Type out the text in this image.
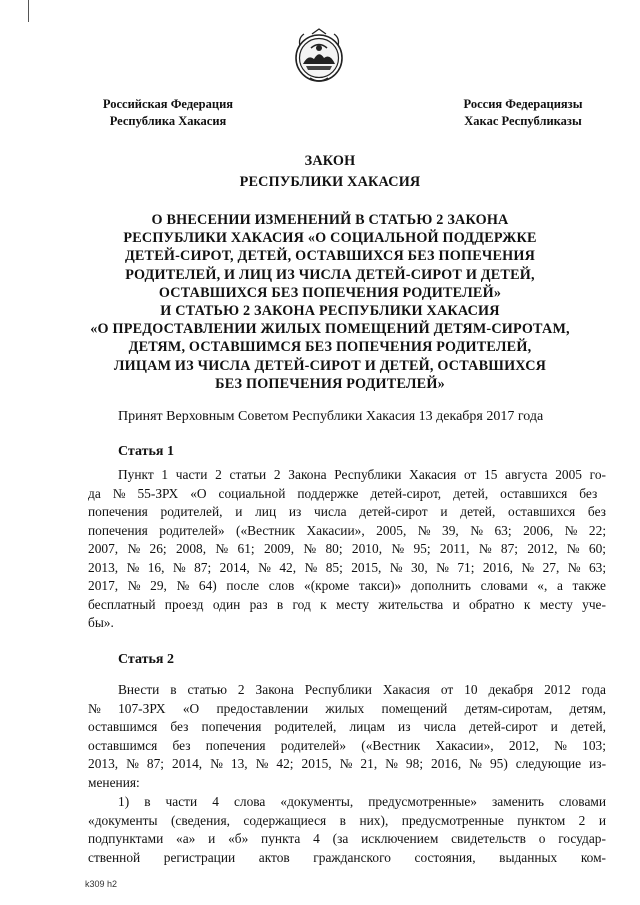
Российская Федерация
Республика Хакасия
Россия Федерациязы
Хакас Республиказы
ЗАКОН
РЕСПУБЛИКИ ХАКАСИЯ
О ВНЕСЕНИИ ИЗМЕНЕНИЙ В СТАТЬЮ 2 ЗАКОНА
РЕСПУБЛИКИ ХАКАСИЯ «О СОЦИАЛЬНОЙ ПОДДЕРЖКЕ
ДЕТЕЙ-СИРОТ, ДЕТЕЙ, ОСТАВШИХСЯ БЕЗ ПОПЕЧЕНИЯ
РОДИТЕЛЕЙ, И ЛИЦ ИЗ ЧИСЛА ДЕТЕЙ-СИРОТ И ДЕТЕЙ,
ОСТАВШИХСЯ БЕЗ ПОПЕЧЕНИЯ РОДИТЕЛЕЙ»
И СТАТЬЮ 2 ЗАКОНА РЕСПУБЛИКИ ХАКАСИЯ
«О ПРЕДОСТАВЛЕНИИ ЖИЛЫХ ПОМЕЩЕНИЙ ДЕТЯМ-СИРОТАМ,
ДЕТЯМ, ОСТАВШИМСЯ БЕЗ ПОПЕЧЕНИЯ РОДИТЕЛЕЙ,
ЛИЦАМ ИЗ ЧИСЛА ДЕТЕЙ-СИРОТ И ДЕТЕЙ, ОСТАВШИХСЯ
БЕЗ ПОПЕЧЕНИЯ РОДИТЕЛЕЙ»
Принят Верховным Советом Республики Хакасия 13 декабря 2017 года
Статья 1
Пункт 1 части 2 статьи 2 Закона Республики Хакасия от 15 августа 2005 го-
да № 55-ЗРХ «О социальной поддержке детей-сирот, детей, оставшихся без
попечения родителей, и лиц из числа детей-сирот и детей, оставшихся без
попечения родителей» («Вестник Хакасии», 2005, № 39, № 63; 2006, № 22;
2007, № 26; 2008, № 61; 2009, № 80; 2010, № 95; 2011, № 87; 2012, № 60;
2013, № 16, № 87; 2014, № 42, № 85; 2015, № 30, № 71; 2016, № 27, № 63;
2017, № 29, № 64) после слов «(кроме такси)» дополнить словами «, а также
бесплатный проезд один раз в год к месту жительства и обратно к месту уче-
бы».
Статья 2
Внести в статью 2 Закона Республики Хакасия от 10 декабря 2012 года
№ 107-ЗРХ «О предоставлении жилых помещений детям-сиротам, детям,
оставшимся без попечения родителей, лицам из числа детей-сирот и детей,
оставшимся без попечения родителей» («Вестник Хакасии», 2012, № 103;
2013, № 87; 2014, № 13, № 42; 2015, № 21, № 98; 2016, № 95) следующие из-
менения:
1) в части 4 слова «документы, предусмотренные» заменить словами
«документы (сведения, содержащиеся в них), предусмотренные пунктом 2 и
подпунктами «а» и «б» пункта 4 (за исключением свидетельств о государ-
ственной регистрации актов гражданского состояния, выданных ком-
k309 h2
